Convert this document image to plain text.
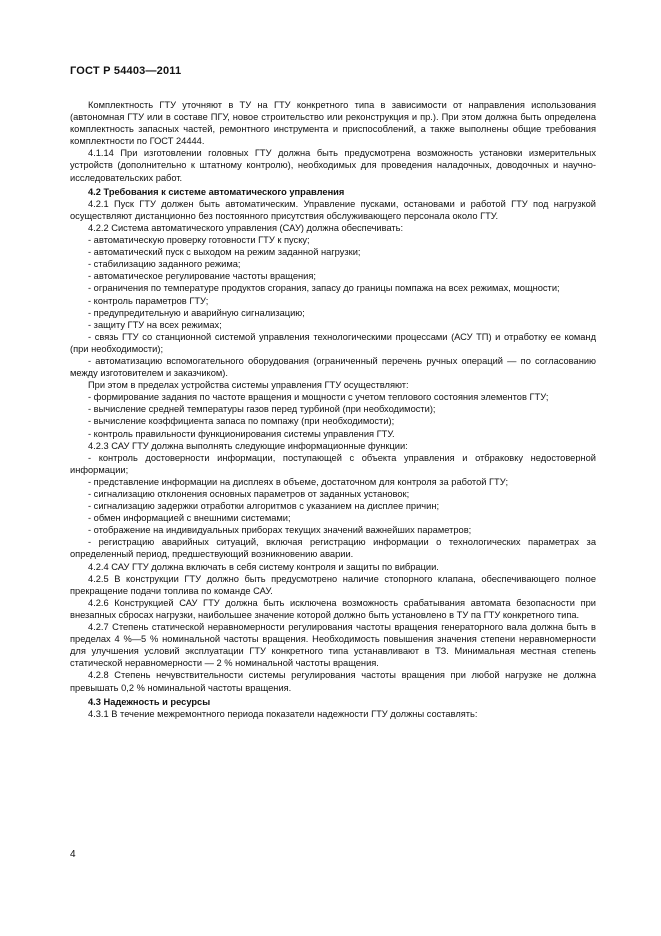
ГОСТ Р 54403—2011

Комплектность ГТУ уточняют в ТУ на ГТУ конкретного типа в зависимости от направления использования (автономная ГТУ или в составе ПГУ, новое строительство или реконструкция и пр.). При этом должна быть определена комплектность запасных частей, ремонтного инструмента и приспособлений, а также выполнены общие требования комплектности по ГОСТ 24444.

4.1.14 При изготовлении головных ГТУ должна быть предусмотрена возможность установки измерительных устройств (дополнительно к штатному контролю), необходимых для проведения наладочных, доводочных и научно-исследовательских работ.

4.2 Требования к системе автоматического управления

4.2.1 Пуск ГТУ должен быть автоматическим. Управление пусками, остановами и работой ГТУ под нагрузкой осуществляют дистанционно без постоянного присутствия обслуживающего персонала около ГТУ.

4.2.2 Система автоматического управления (САУ) должна обеспечивать:

- автоматическую проверку готовности ГТУ к пуску;

- автоматический пуск с выходом на режим заданной нагрузки;

- стабилизацию заданного режима;

- автоматическое регулирование частоты вращения;

- ограничения по температуре продуктов сгорания, запасу до границы помпажа на всех режимах, мощности;

- контроль параметров ГТУ;

- предупредительную и аварийную сигнализацию;

- защиту ГТУ на всех режимах;

- связь ГТУ со станционной системой управления технологическими процессами (АСУ ТП) и отработку ее команд (при необходимости);

- автоматизацию вспомогательного оборудования (ограниченный перечень ручных операций — по согласованию между изготовителем и заказчиком).

При этом в пределах устройства системы управления ГТУ осуществляют:

- формирование задания по частоте вращения и мощности с учетом теплового состояния элементов ГТУ;

- вычисление средней температуры газов перед турбиной (при необходимости);

- вычисление коэффициента запаса по помпажу (при необходимости);

- контроль правильности функционирования системы управления ГТУ.

4.2.3 САУ ГТУ должна выполнять следующие информационные функции:

- контроль достоверности информации, поступающей с объекта управления и отбраковку недостоверной информации;

- представление информации на дисплеях в объеме, достаточном для контроля за работой ГТУ;

- сигнализацию отклонения основных параметров от заданных установок;

- сигнализацию задержки отработки алгоритмов с указанием на дисплее причин;

- обмен информацией с внешними системами;

- отображение на индивидуальных приборах текущих значений важнейших параметров;

- регистрацию аварийных ситуаций, включая регистрацию информации о технологических параметрах за определенный период, предшествующий возникновению аварии.

4.2.4 САУ ГТУ должна включать в себя систему контроля и защиты по вибрации.

4.2.5 В конструкции ГТУ должно быть предусмотрено наличие стопорного клапана, обеспечивающего полное прекращение подачи топлива по команде САУ.

4.2.6 Конструкцией САУ ГТУ должна быть исключена возможность срабатывания автомата безопасности при внезапных сбросах нагрузки, наибольшее значение которой должно быть установлено в ТУ па ГТУ конкретного типа.

4.2.7 Степень статической неравномерности регулирования частоты вращения генераторного вала должна быть в пределах 4 %—5 % номинальной частоты вращения. Необходимость повышения значения степени неравномерности для улучшения условий эксплуатации ГТУ конкретного типа устанавливают в ТЗ. Минимальная местная степень статической неравномерности — 2 % номинальной частоты вращения.

4.2.8 Степень нечувствительности системы регулирования частоты вращения при любой нагрузке не должна превышать 0,2 % номинальной частоты вращения.

4.3 Надежность и ресурсы

4.3.1 В течение межремонтного периода показатели надежности ГТУ должны составлять:

4
